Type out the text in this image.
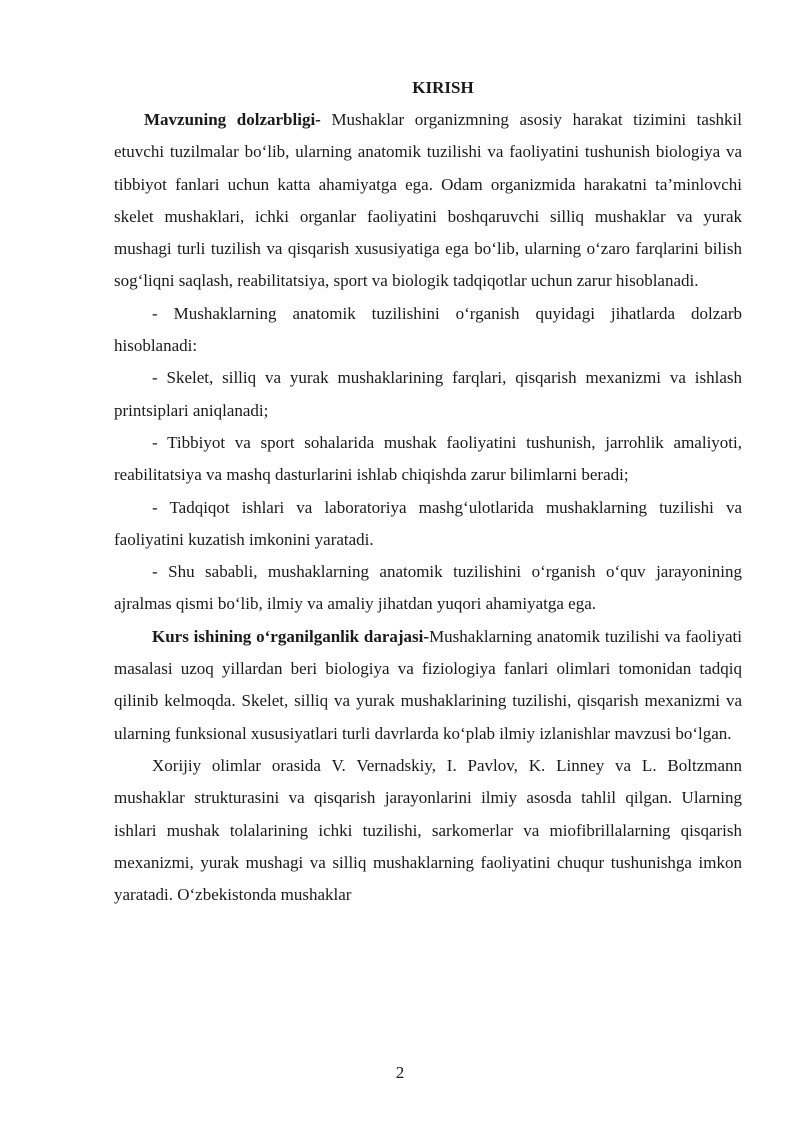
KIRISH

Mavzuning dolzarbligi- Mushaklar organizmning asosiy harakat tizimini tashkil etuvchi tuzilmalar bo‘lib, ularning anatomik tuzilishi va faoliyatini tushunish biologiya va tibbiyot fanlari uchun katta ahamiyatga ega. Odam organizmida harakatni ta’minlovchi skelet mushaklari, ichki organlar faoliyatini boshqaruvchi silliq mushaklar va yurak mushagi turli tuzilish va qisqarish xususiyatiga ega bo‘lib, ularning o‘zaro farqlarini bilish sog‘liqni saqlash, reabilitatsiya, sport va biologik tadqiqotlar uchun zarur hisoblanadi.

- Mushaklarning anatomik tuzilishini o‘rganish quyidagi jihatlarda dolzarb hisoblanadi:

- Skelet, silliq va yurak mushaklarining farqlari, qisqarish mexanizmi va ishlash printsiplari aniqlanadi;

- Tibbiyot va sport sohalarida mushak faoliyatini tushunish, jarrohlik amaliyoti, reabilitatsiya va mashq dasturlarini ishlab chiqishda zarur bilimlarni beradi;

- Tadqiqot ishlari va laboratoriya mashg‘ulotlarida mushaklarning tuzilishi va faoliyatini kuzatish imkonini yaratadi.

- Shu sababli, mushaklarning anatomik tuzilishini o‘rganish o‘quv jarayonining ajralmas qismi bo‘lib, ilmiy va amaliy jihatdan yuqori ahamiyatga ega.

Kurs ishining o‘rganilganlik darajasi-Mushaklarning anatomik tuzilishi va faoliyati masalasi uzoq yillardan beri biologiya va fiziologiya fanlari olimlari tomonidan tadqiq qilinib kelmoqda. Skelet, silliq va yurak mushaklarining tuzilishi, qisqarish mexanizmi va ularning funksional xususiyatlari turli davrlarda ko‘plab ilmiy izlanishlar mavzusi bo‘lgan.

Xorijiy olimlar orasida V. Vernadskiy, I. Pavlov, K. Linney va L. Boltzmann mushaklar strukturasini va qisqarish jarayonlarini ilmiy asosda tahlil qilgan. Ularning ishlari mushak tolalarining ichki tuzilishi, sarkomerlar va miofibrillalarning qisqarish mexanizmi, yurak mushagi va silliq mushaklarning faoliyatini chuqur tushunishga imkon yaratadi. O‘zbekistonda mushaklar

2
